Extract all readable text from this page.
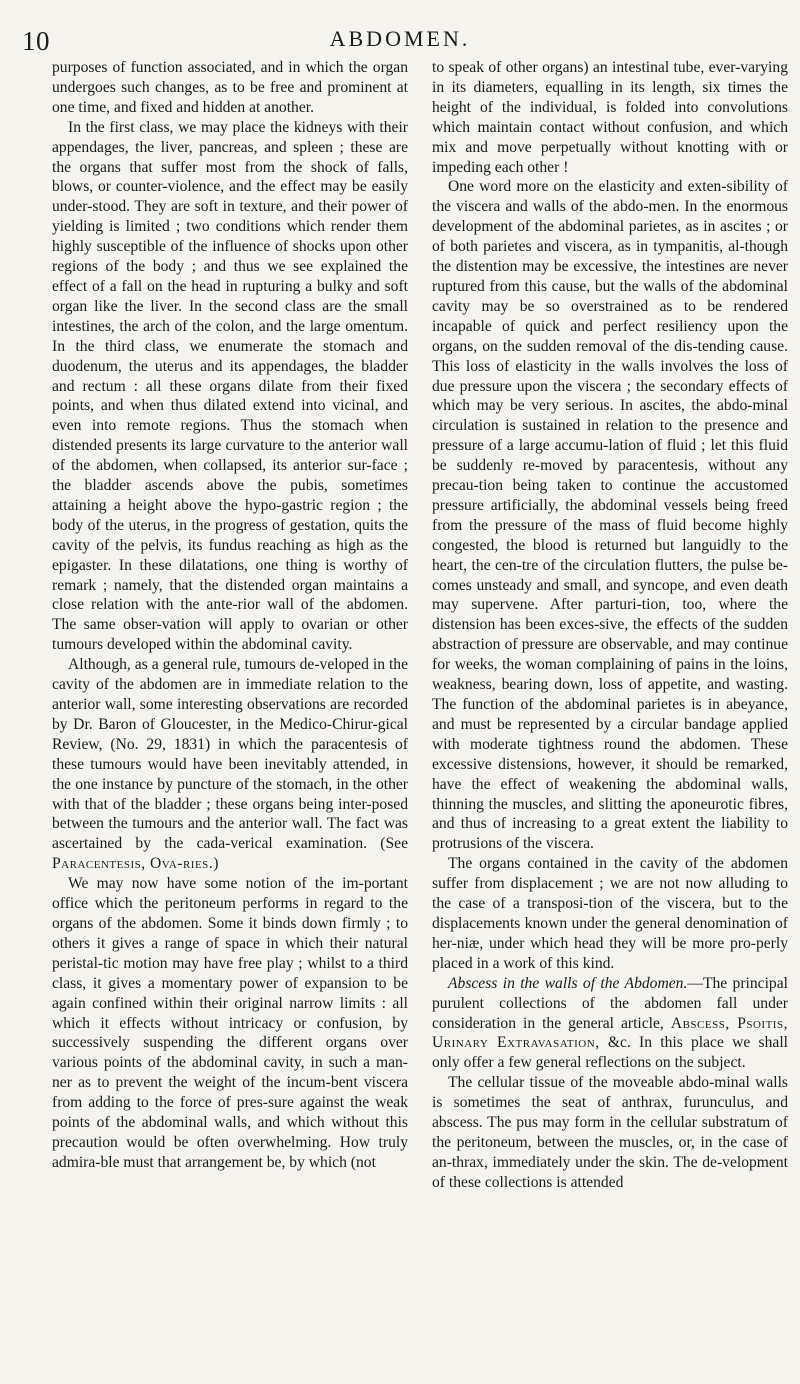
10	ABDOMEN.

purposes of function associated, and in which the organ undergoes such changes, as to be free and prominent at one time, and fixed and hidden at another.

In the first class, we may place the kidneys with their appendages, the liver, pancreas, and spleen ; these are the organs that suffer most from the shock of falls, blows, or counter-violence, and the effect may be easily under-stood. They are soft in texture, and their power of yielding is limited ; two conditions which render them highly susceptible of the influence of shocks upon other regions of the body ; and thus we see explained the effect of a fall on the head in rupturing a bulky and soft organ like the liver. In the second class are the small intestines, the arch of the colon, and the large omentum. In the third class, we enumerate the stomach and duodenum, the uterus and its appendages, the bladder and rectum : all these organs dilate from their fixed points, and when thus dilated extend into vicinal, and even into remote regions. Thus the stomach when distended presents its large curvature to the anterior wall of the abdomen, when collapsed, its anterior sur-face ; the bladder ascends above the pubis, sometimes attaining a height above the hypo-gastric region ; the body of the uterus, in the progress of gestation, quits the cavity of the pelvis, its fundus reaching as high as the epigaster. In these dilatations, one thing is worthy of remark ; namely, that the distended organ maintains a close relation with the ante-rior wall of the abdomen. The same obser-vation will apply to ovarian or other tumours developed within the abdominal cavity.

Although, as a general rule, tumours de-veloped in the cavity of the abdomen are in immediate relation to the anterior wall, some interesting observations are recorded by Dr. Baron of Gloucester, in the Medico-Chirur-gical Review, (No. 29, 1831) in which the paracentesis of these tumours would have been inevitably attended, in the one instance by puncture of the stomach, in the other with that of the bladder ; these organs being inter-posed between the tumours and the anterior wall. The fact was ascertained by the cada-verical examination. (See Paracentesis, Ova-ries.)

We may now have some notion of the im-portant office which the peritoneum performs in regard to the organs of the abdomen. Some it binds down firmly ; to others it gives a range of space in which their natural peristal-tic motion may have free play ; whilst to a third class, it gives a momentary power of expansion to be again confined within their original narrow limits : all which it effects without intricacy or confusion, by successively suspending the different organs over various points of the abdominal cavity, in such a man-ner as to prevent the weight of the incum-bent viscera from adding to the force of pres-sure against the weak points of the abdominal walls, and which without this precaution would be often overwhelming. How truly admira-ble must that arrangement be, by which (not

to speak of other organs) an intestinal tube, ever-varying in its diameters, equalling in its length, six times the height of the individual, is folded into convolutions which maintain contact without confusion, and which mix and move perpetually without knotting with or impeding each other !

One word more on the elasticity and exten-sibility of the viscera and walls of the abdo-men. In the enormous development of the abdominal parietes, as in ascites ; or of both parietes and viscera, as in tympanitis, al-though the distention may be excessive, the intestines are never ruptured from this cause, but the walls of the abdominal cavity may be so overstrained as to be rendered incapable of quick and perfect resiliency upon the organs, on the sudden removal of the dis-tending cause. This loss of elasticity in the walls involves the loss of due pressure upon the viscera ; the secondary effects of which may be very serious. In ascites, the abdo-minal circulation is sustained in relation to the presence and pressure of a large accumu-lation of fluid ; let this fluid be suddenly re-moved by paracentesis, without any precau-tion being taken to continue the accustomed pressure artificially, the abdominal vessels being freed from the pressure of the mass of fluid become highly congested, the blood is returned but languidly to the heart, the cen-tre of the circulation flutters, the pulse be-comes unsteady and small, and syncope, and even death may supervene. After parturi-tion, too, where the distension has been exces-sive, the effects of the sudden abstraction of pressure are observable, and may continue for weeks, the woman complaining of pains in the loins, weakness, bearing down, loss of appetite, and wasting. The function of the abdominal parietes is in abeyance, and must be represented by a circular bandage applied with moderate tightness round the abdomen. These excessive distensions, however, it should be remarked, have the effect of weakening the abdominal walls, thinning the muscles, and slitting the aponeurotic fibres, and thus of increasing to a great extent the liability to protrusions of the viscera.

The organs contained in the cavity of the abdomen suffer from displacement ; we are not now alluding to the case of a transposi-tion of the viscera, but to the displacements known under the general denomination of her-niæ, under which head they will be more pro-perly placed in a work of this kind.

Abscess in the walls of the Abdomen.—The principal purulent collections of the abdomen fall under consideration in the general article, Abscess, Psoitis, Urinary Extravasation, &c. In this place we shall only offer a few general reflections on the subject.

The cellular tissue of the moveable abdo-minal walls is sometimes the seat of anthrax, furunculus, and abscess. The pus may form in the cellular substratum of the peritoneum, between the muscles, or, in the case of an-thrax, immediately under the skin. The de-velopment of these collections is attended
